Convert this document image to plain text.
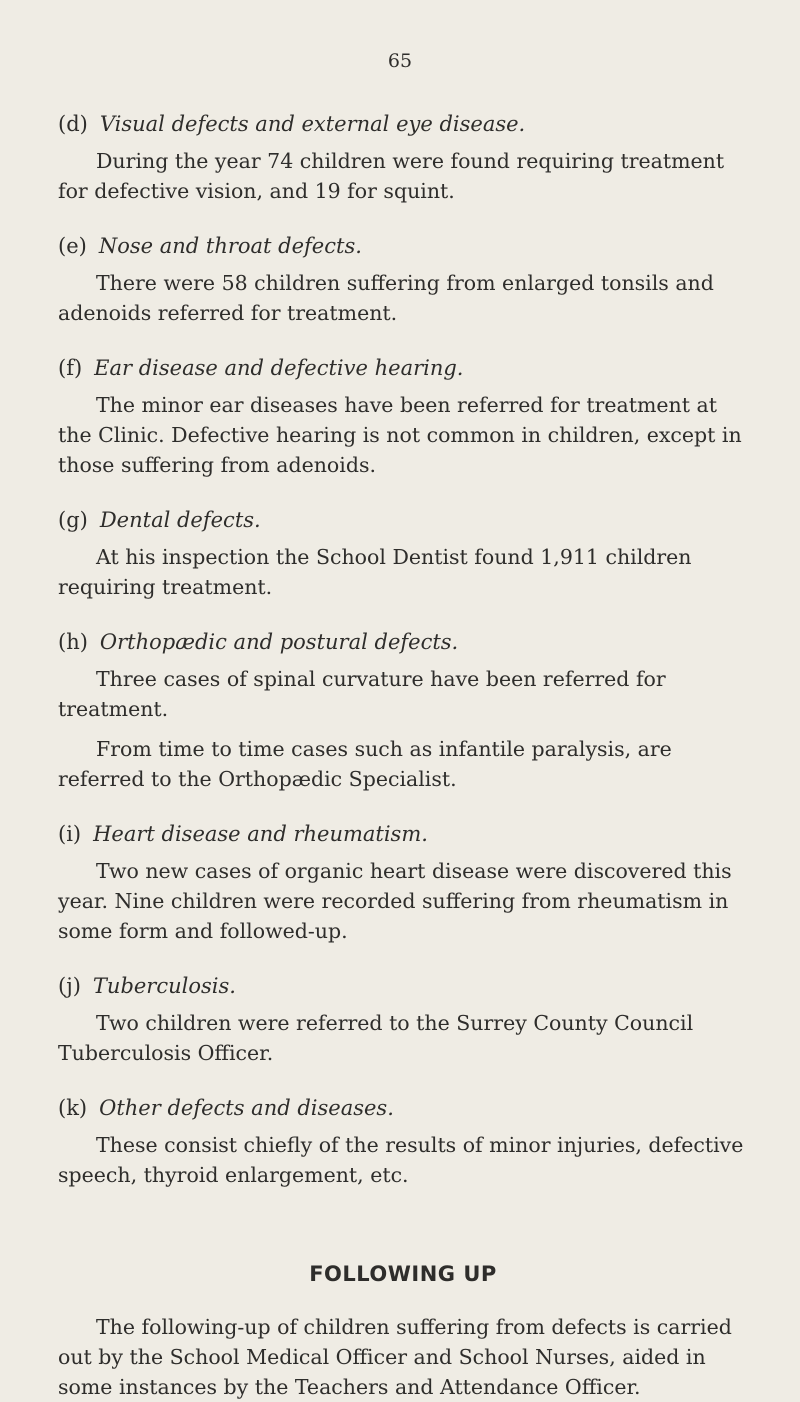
65
(d) Visual defects and external eye disease.

During the year 74 children were found requiring treatment for defective vision, and 19 for squint.

(e) Nose and throat defects.

There were 58 children suffering from enlarged tonsils and adenoids referred for treatment.

(f) Ear disease and defective hearing.

The minor ear diseases have been referred for treatment at the Clinic. Defective hearing is not common in children, except in those suffering from adenoids.

(g) Dental defects.

At his inspection the School Dentist found 1,911 children requiring treatment.

(h) Orthopædic and postural defects.

Three cases of spinal curvature have been referred for treatment.

From time to time cases such as infantile paralysis, are referred to the Orthopædic Specialist.

(i) Heart disease and rheumatism.

Two new cases of organic heart disease were discovered this year. Nine children were recorded suffering from rheumatism in some form and followed-up.

(j) Tuberculosis.

Two children were referred to the Surrey County Council Tuberculosis Officer.

(k) Other defects and diseases.

These consist chiefly of the results of minor injuries, defective speech, thyroid enlargement, etc.

FOLLOWING UP

The following-up of children suffering from defects is carried out by the School Medical Officer and School Nurses, aided in some instances by the Teachers and Attendance Officer.
